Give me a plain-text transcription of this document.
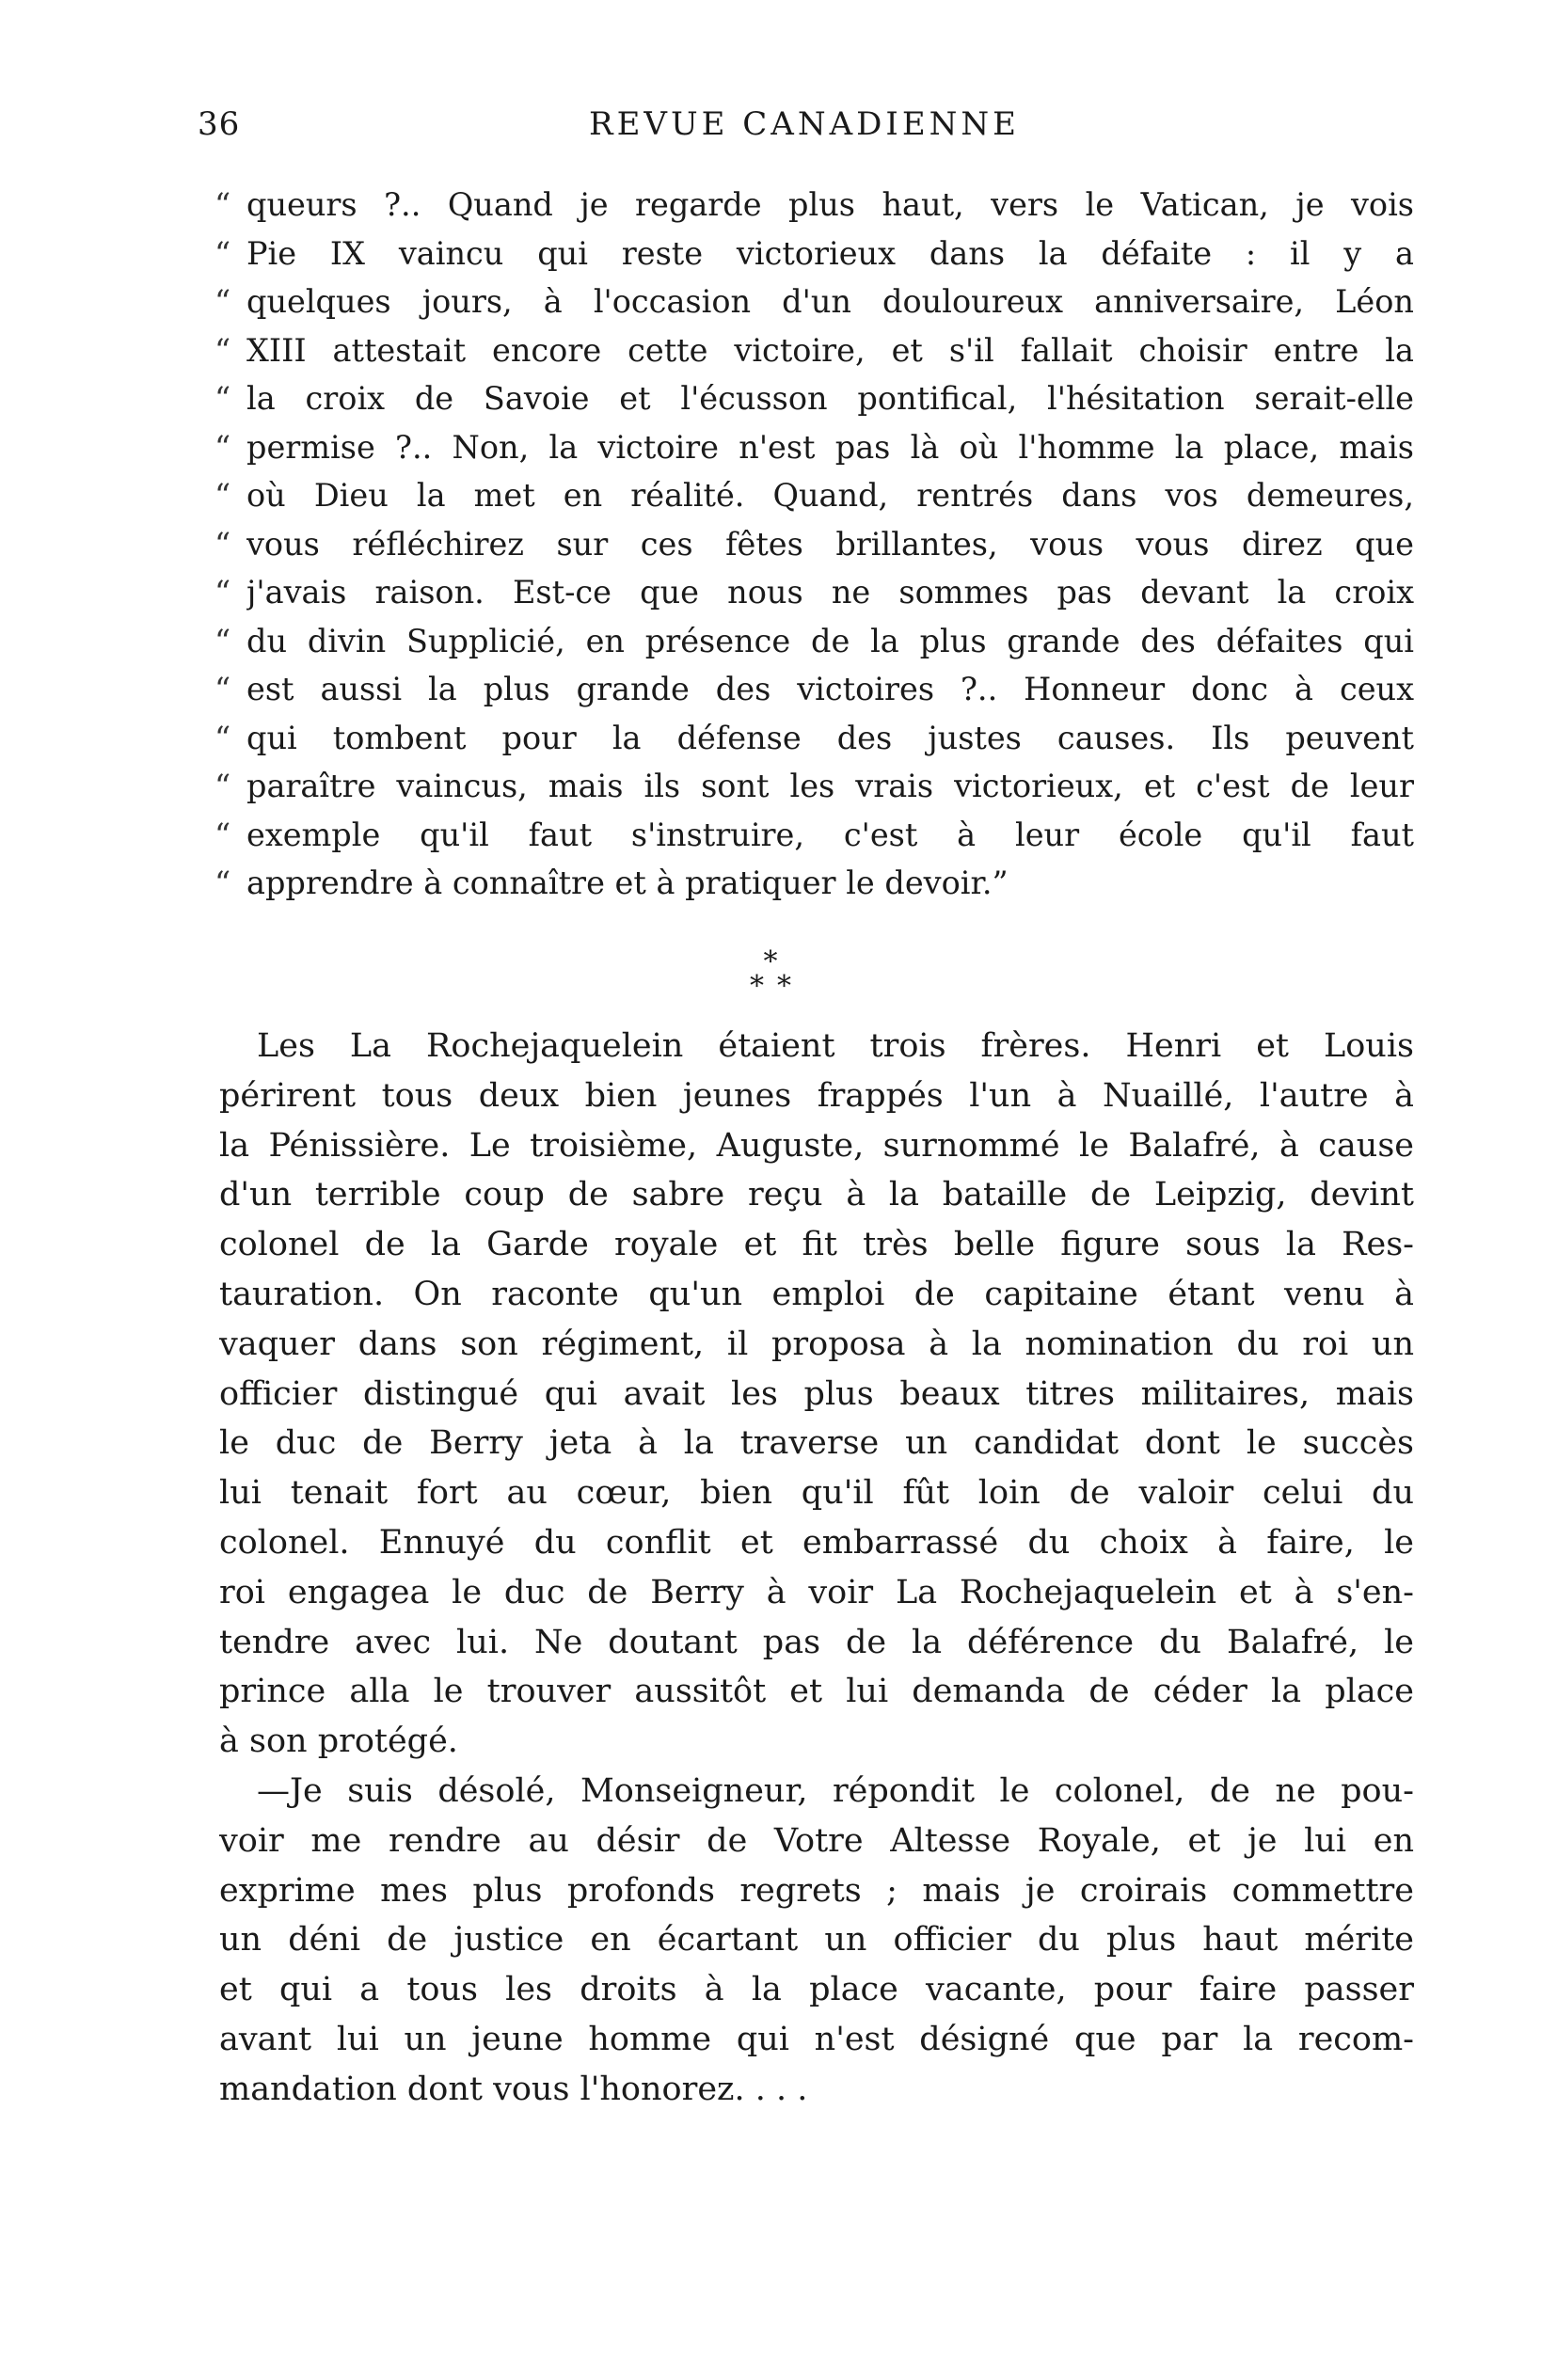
36	REVUE CANADIENNE
“ queurs ?.. Quand je regarde plus haut, vers le Vatican, je vois
“ Pie IX vaincu qui reste victorieux dans la défaite : il y a
“ quelques jours, à l'occasion d'un douloureux anniversaire, Léon
“ XIII attestait encore cette victoire, et s'il fallait choisir entre la
“ la croix de Savoie et l'écusson pontifical, l'hésitation serait-elle
“ permise ?.. Non, la victoire n'est pas là où l'homme la place, mais
“ où Dieu la met en réalité. Quand, rentrés dans vos demeures,
“ vous réfléchirez sur ces fêtes brillantes, vous vous direz que
“ j'avais raison. Est-ce que nous ne sommes pas devant la croix
“ du divin Supplicié, en présence de la plus grande des défaites qui
“ est aussi la plus grande des victoires ?.. Honneur donc à ceux
“ qui tombent pour la défense des justes causes. Ils peuvent
“ paraître vaincus, mais ils sont les vrais victorieux, et c'est de leur
“ exemple qu'il faut s'instruire, c'est à leur école qu'il faut
“ apprendre à connaître et à pratiquer le devoir.”
*
**
Les La Rochejaquelein étaient trois frères. Henri et Louis
périrent tous deux bien jeunes frappés l'un à Nuaillé, l'autre à
la Pénissière. Le troisième, Auguste, surnommé le Balafré, à cause
d'un terrible coup de sabre reçu à la bataille de Leipzig, devint
colonel de la Garde royale et fit très belle figure sous la Res-
tauration. On raconte qu'un emploi de capitaine étant venu à
vaquer dans son régiment, il proposa à la nomination du roi un
officier distingué qui avait les plus beaux titres militaires, mais
le duc de Berry jeta à la traverse un candidat dont le succès
lui tenait fort au cœur, bien qu'il fût loin de valoir celui du
colonel. Ennuyé du conflit et embarrassé du choix à faire, le
roi engagea le duc de Berry à voir La Rochejaquelein et à s'en-
tendre avec lui. Ne doutant pas de la déférence du Balafré, le
prince alla le trouver aussitôt et lui demanda de céder la place
à son protégé.
—Je suis désolé, Monseigneur, répondit le colonel, de ne pou-
voir me rendre au désir de Votre Altesse Royale, et je lui en
exprime mes plus profonds regrets ; mais je croirais commettre
un déni de justice en écartant un officier du plus haut mérite
et qui a tous les droits à la place vacante, pour faire passer
avant lui un jeune homme qui n'est désigné que par la recom-
mandation dont vous l'honorez. . . .
